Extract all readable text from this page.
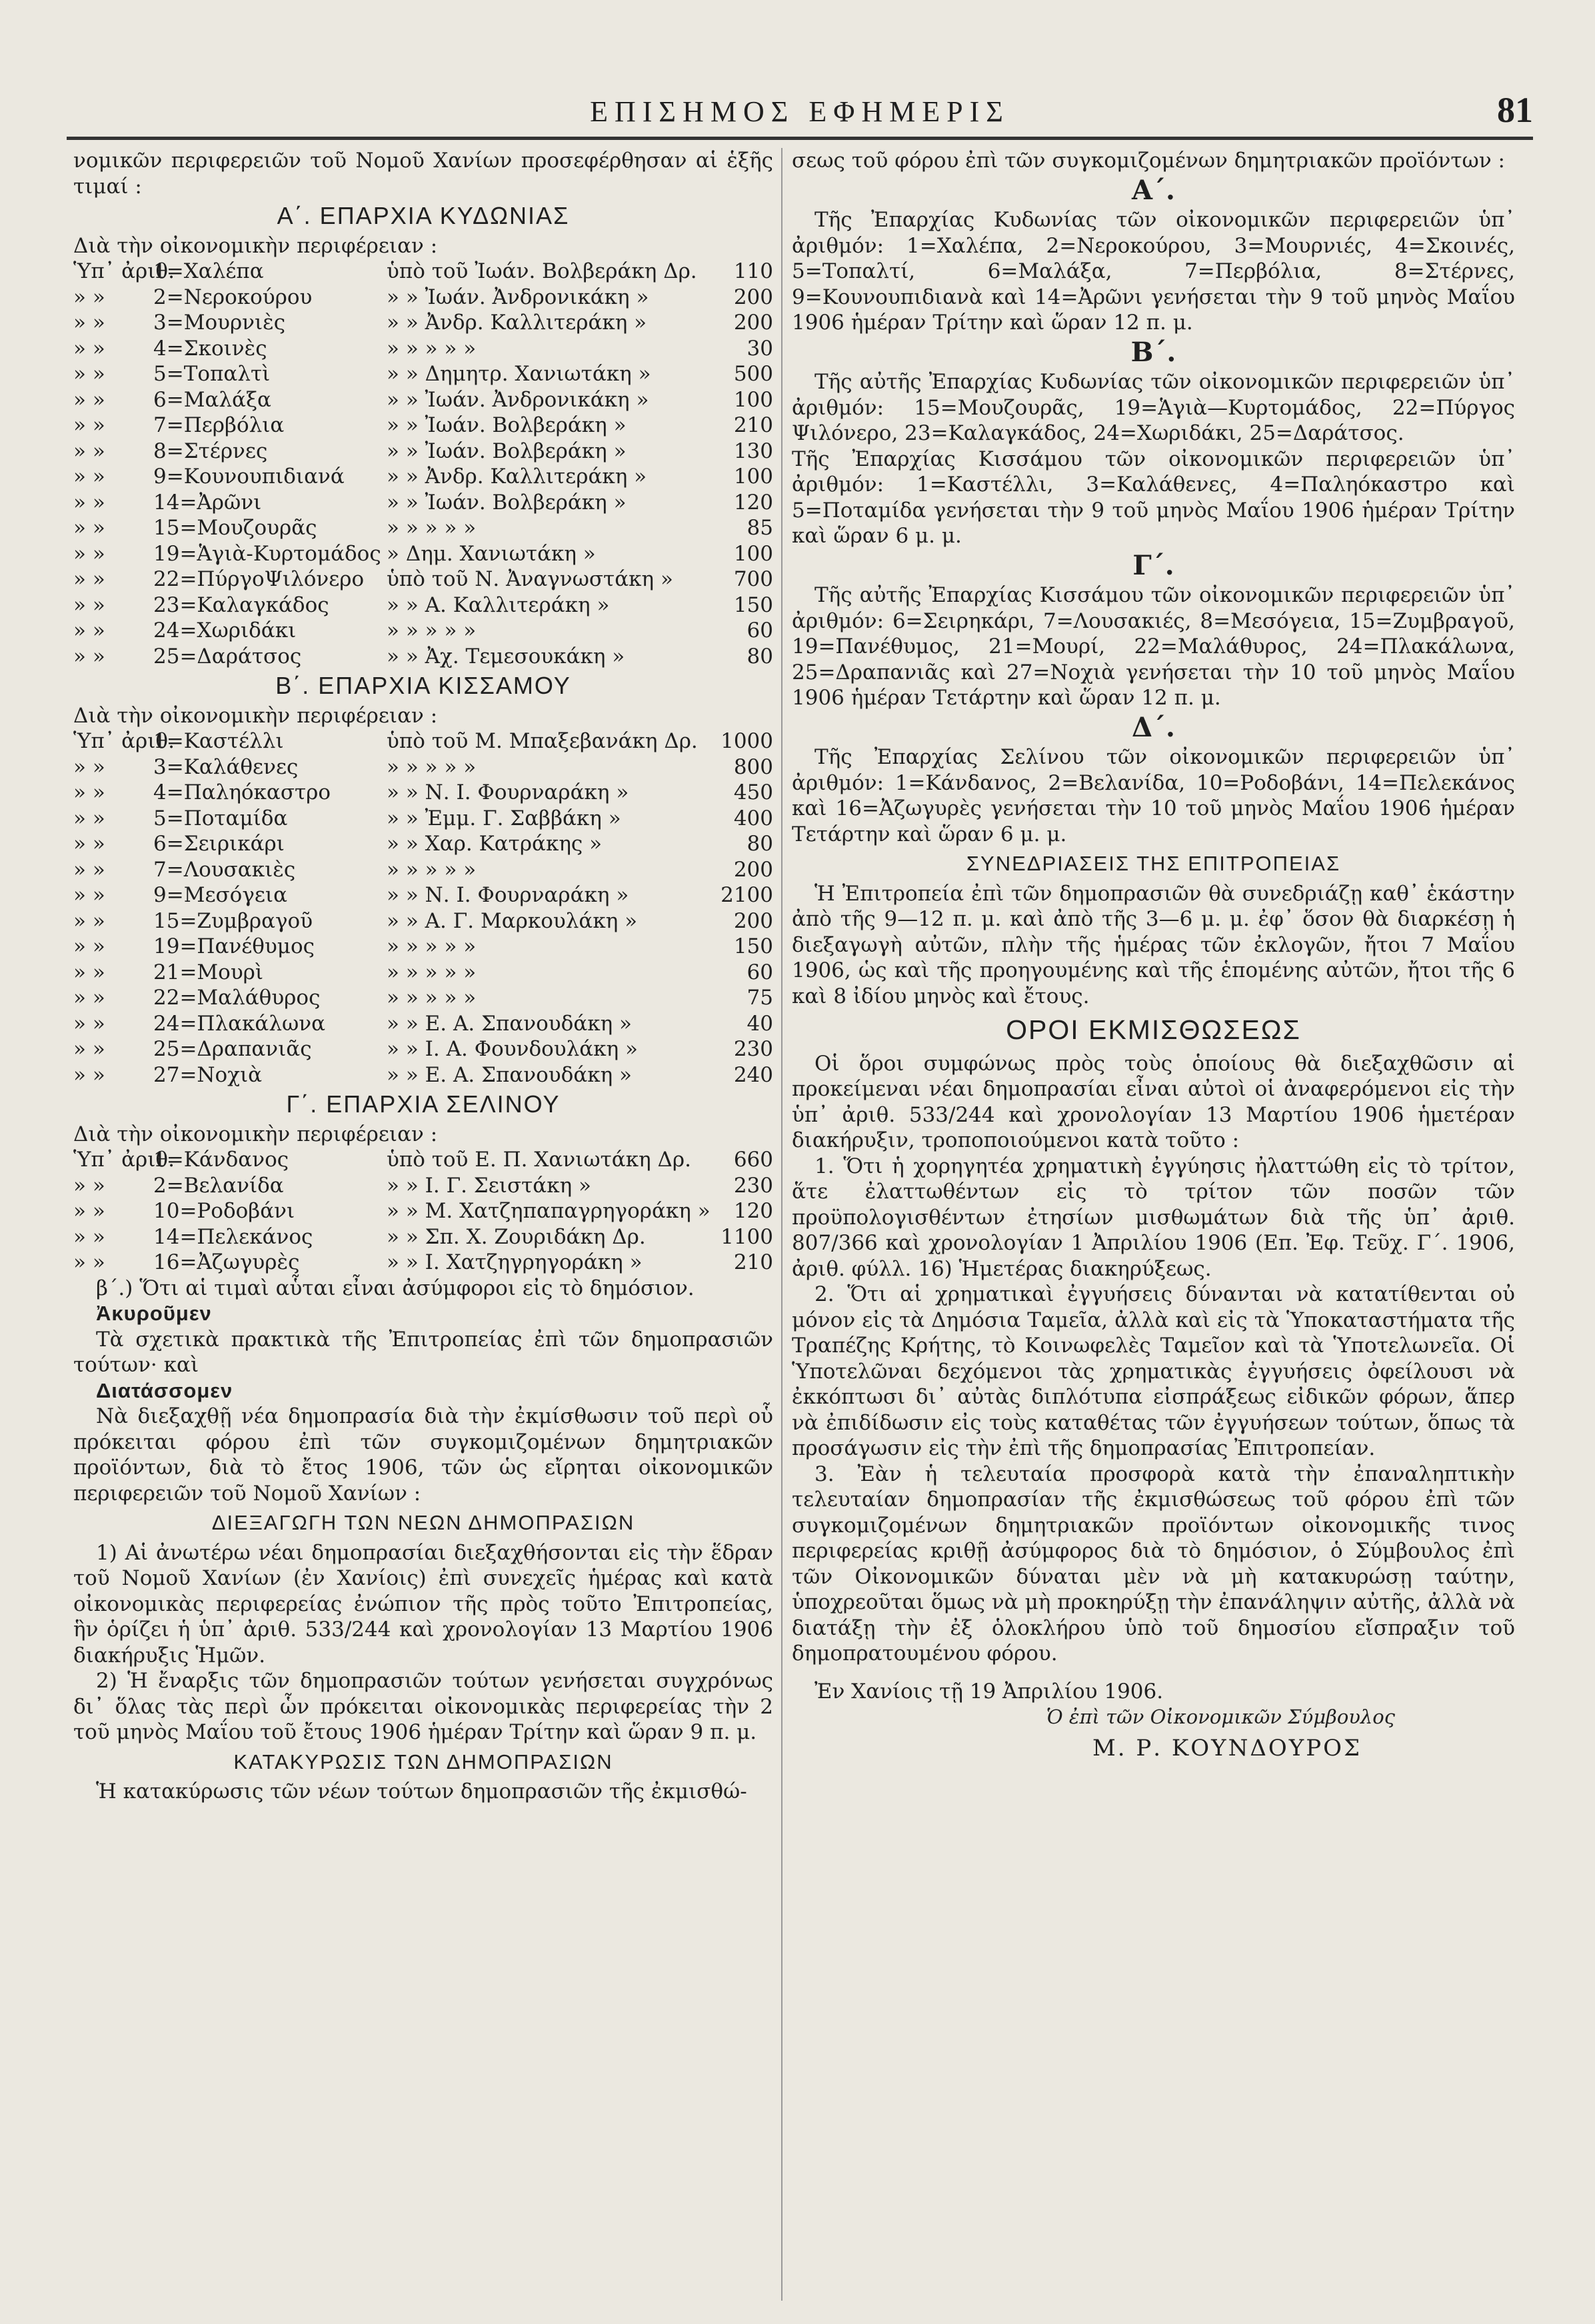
ΕΠΙΣΗΜΟΣ ΕΦΗΜΕΡΙΣ	81

νομικῶν περιφερειῶν τοῦ Νομοῦ Χανίων προσεφέρθησαν αἱ ἑξῆς τιμαί :

Α΄. ΕΠΑΡΧΙΑ ΚΥΔΩΝΙΑΣ

Διὰ τὴν οἰκονομικὴν περιφέρειαν :

Ὑπ᾽ ἀριθ.
1=Χαλέπα	ὑπὸ τοῦ Ἰωάν. Βολβεράκη Δρ.	110
» »	2=Νεροκούρου	» » Ἰωάν. Ἀνδρονικάκη »	200
» »	3=Μουρνιὲς	» » Ἀνδρ. Καλλιτεράκη »	200
» »	4=Σκοινὲς	» » » » »	30
» »	5=Τοπαλτὶ	» » Δημητρ. Χανιωτάκη »	500
» »	6=Μαλάξα	» » Ἰωάν. Ἀνδρονικάκη »	100
» »	7=Περβόλια	» » Ἰωάν. Βολβεράκη »	210
» »	8=Στέρνες	» » Ἰωάν. Βολβεράκη »	130
» »	9=Κουνουπιδιανά	» » Ἀνδρ. Καλλιτεράκη »	100
» »	14=Ἀρῶνι	» » Ἰωάν. Βολβεράκη »	120
» »	15=Μουζουρᾶς	» » » » »	85
» »	19=Ἁγιὰ-Κυρτομάδος » Δημ. Χανιωτάκη »	100
» »	22=ΠύργοΨιλόνερο	ὑπὸ τοῦ Ν. Ἀναγνωστάκη »	700
» »	23=Καλαγκάδος	» » Α. Καλλιτεράκη »	150
» »	24=Χωριδάκι	» » » » »	60
» »	25=Δαράτσος	» » Ἀχ. Τεμεσουκάκη »	80
Β΄. ΕΠΑΡΧΙΑ ΚΙΣΣΑΜΟΥ

Διὰ τὴν οἰκονομικὴν περιφέρειαν :

Ὑπ᾽ ἀριθ.
1=Καστέλλι	ὑπὸ τοῦ Μ. Μπαξεβανάκη Δρ.	1000
» »	3=Καλάθενες	» » » » »	800
» »	4=Παληόκαστρο	» » Ν. Ι. Φουρναράκη »	450
» »	5=Ποταμίδα	» » Ἐμμ. Γ. Σαββάκη »	400
» »	6=Σειρικάρι	» » Χαρ. Κατράκης »	80
» »	7=Λουσακιὲς	» » » » »	200
» »	9=Μεσόγεια	» » Ν. Ι. Φουρναράκη »	2100
» »	15=Ζυμβραγοῦ	» » Α. Γ. Μαρκουλάκη »	200
» »	19=Πανέθυμος	» » » » »	150
» »	21=Μουρὶ	» » » » »	60
» »	22=Μαλάθυρος	» » » » »	75
» »	24=Πλακάλωνα	» » Ε. Α. Σπανουδάκη »	40
» »	25=Δραπανιᾶς	» » Ι. Α. Φουνδουλάκη »	230
» »	27=Νοχιὰ	» » Ε. Α. Σπανουδάκη »	240
Γ΄. ΕΠΑΡΧΙΑ ΣΕΛΙΝΟΥ

Διὰ τὴν οἰκονομικὴν περιφέρειαν :

Ὑπ᾽ ἀριθ.
1=Κάνδανος	ὑπὸ τοῦ Ε. Π. Χανιωτάκη Δρ.	660
» »	2=Βελανίδα	» » Ι. Γ. Σειστάκη »	230
» »	10=Ροδοβάνι	» » Μ. Χατζηπαπαγρηγοράκη »	120
» »	14=Πελεκάνος	» » Σπ. Χ. Ζουριδάκη Δρ.	1100
» »	16=Ἀζωγυρὲς	» » Ι. Χατζηγρηγοράκη »	210

β΄.) Ὅτι αἱ τιμαὶ αὗται εἶναι ἀσύμφοροι εἰς τὸ δημόσιον.

Ἀκυροῦμεν

Τὰ σχετικὰ πρακτικὰ τῆς Ἐπιτροπείας ἐπὶ τῶν δημοπρασιῶν τούτων· καὶ

Διατάσσομεν

Νὰ διεξαχθῇ νέα δημοπρασία διὰ τὴν ἐκμίσθωσιν τοῦ περὶ οὗ πρόκειται φόρου ἐπὶ τῶν συγκομιζομένων δημητριακῶν προϊόντων, διὰ τὸ ἔτος 1906, τῶν ὡς εἴρηται οἰκονομικῶν περιφερειῶν τοῦ Νομοῦ Χανίων :

ΔΙΕΞΑΓΩΓΗ ΤΩΝ ΝΕΩΝ ΔΗΜΟΠΡΑΣΙΩΝ

1) Αἱ ἀνωτέρω νέαι δημοπρασίαι διεξαχθήσονται εἰς τὴν ἕδραν τοῦ Νομοῦ Χανίων (ἐν Χανίοις) ἐπὶ συνεχεῖς ἡμέρας καὶ κατὰ οἰκονομικὰς περιφερείας ἐνώπιον τῆς πρὸς τοῦτο Ἐπιτροπείας, ἣν ὁρίζει ἡ ὑπ᾽ ἀριθ. 533/244 καὶ χρονολογίαν 13 Μαρτίου 1906 διακήρυξις Ἡμῶν.

2) Ἡ ἔναρξις τῶν δημοπρασιῶν τούτων γενήσεται συγχρόνως δι᾽ ὅλας τὰς περὶ ὧν πρόκειται οἰκονομικὰς περιφερείας τὴν 2 τοῦ μηνὸς Μαΐου τοῦ ἔτους 1906 ἡμέραν Τρίτην καὶ ὥραν 9 π. μ.

ΚΑΤΑΚΥΡΩΣΙΣ ΤΩΝ ΔΗΜΟΠΡΑΣΙΩΝ

Ἡ κατακύρωσις τῶν νέων τούτων δημοπρασιῶν τῆς ἐκμισθώ-

σεως τοῦ φόρου ἐπὶ τῶν συγκομιζομένων δημητριακῶν προϊόντων :

Α΄.

Τῆς Ἐπαρχίας Κυδωνίας τῶν οἰκονομικῶν περιφερειῶν ὑπ᾽ ἀριθμόν: 1=Χαλέπα, 2=Νεροκούρου, 3=Μουρνιές, 4=Σκοινές, 5=Τοπαλτί, 6=Μαλάξα, 7=Περβόλια, 8=Στέρνες, 9=Κουνουπιδιανὰ καὶ 14=Ἀρῶνι γενήσεται τὴν 9 τοῦ μηνὸς Μαΐου 1906 ἡμέραν Τρίτην καὶ ὥραν 12 π. μ.

Β΄.

Τῆς αὐτῆς Ἐπαρχίας Κυδωνίας τῶν οἰκονομικῶν περιφερειῶν ὑπ᾽ ἀριθμόν: 15=Μουζουρᾶς, 19=Ἁγιὰ—Κυρτομάδος, 22=Πύργος Ψιλόνερο, 23=Καλαγκάδος, 24=Χωριδάκι, 25=Δαράτσος.
Τῆς Ἐπαρχίας Κισσάμου τῶν οἰκονομικῶν περιφερειῶν ὑπ᾽ ἀριθμόν: 1=Καστέλλι, 3=Καλάθενες, 4=Παληόκαστρο καὶ 5=Ποταμίδα γενήσεται τὴν 9 τοῦ μηνὸς Μαΐου 1906 ἡμέραν Τρίτην καὶ ὥραν 6 μ. μ.

Γ΄.

Τῆς αὐτῆς Ἐπαρχίας Κισσάμου τῶν οἰκονομικῶν περιφερειῶν ὑπ᾽ ἀριθμόν: 6=Σειρηκάρι, 7=Λουσακιές, 8=Μεσόγεια, 15=Ζυμβραγοῦ, 19=Πανέθυμος, 21=Μουρί, 22=Μαλάθυρος, 24=Πλακάλωνα, 25=Δραπανιᾶς καὶ 27=Νοχιὰ γενήσεται τὴν 10 τοῦ μηνὸς Μαΐου 1906 ἡμέραν Τετάρτην καὶ ὥραν 12 π. μ.

Δ΄.

Τῆς Ἐπαρχίας Σελίνου τῶν οἰκονομικῶν περιφερειῶν ὑπ᾽ ἀριθμόν: 1=Κάνδανος, 2=Βελανίδα, 10=Ροδοβάνι, 14=Πελεκάνος καὶ 16=Ἀζωγυρὲς γενήσεται τὴν 10 τοῦ μηνὸς Μαΐου 1906 ἡμέραν Τετάρτην καὶ ὥραν 6 μ. μ.

ΣΥΝΕΔΡΙΑΣΕΙΣ ΤΗΣ ΕΠΙΤΡΟΠΕΙΑΣ

Ἡ Ἐπιτροπεία ἐπὶ τῶν δημοπρασιῶν θὰ συνεδριάζῃ καθ᾽ ἑκάστην ἀπὸ τῆς 9—12 π. μ. καὶ ἀπὸ τῆς 3—6 μ. μ. ἐφ᾽ ὅσον θὰ διαρκέσῃ ἡ διεξαγωγὴ αὐτῶν, πλὴν τῆς ἡμέρας τῶν ἐκλογῶν, ἤτοι 7 Μαΐου 1906, ὡς καὶ τῆς προηγουμένης καὶ τῆς ἑπομένης αὐτῶν, ἤτοι τῆς 6 καὶ 8 ἰδίου μηνὸς καὶ ἔτους.

ΟΡΟΙ ΕΚΜΙΣΘΩΣΕΩΣ

Οἱ ὅροι συμφώνως πρὸς τοὺς ὁποίους θὰ διεξαχθῶσιν αἱ προκείμεναι νέαι δημοπρασίαι εἶναι αὐτοὶ οἱ ἀναφερόμενοι εἰς τὴν ὑπ᾽ ἀριθ. 533/244 καὶ χρονολογίαν 13 Μαρτίου 1906 ἡμετέραν διακήρυξιν, τροποποιούμενοι κατὰ τοῦτο :

1. Ὅτι ἡ χορηγητέα χρηματικὴ ἐγγύησις ἠλαττώθη εἰς τὸ τρίτον, ἅτε ἐλαττωθέντων εἰς τὸ τρίτον τῶν ποσῶν τῶν προϋπολογισθέντων ἐτησίων μισθωμάτων διὰ τῆς ὑπ᾽ ἀριθ. 807/366 καὶ χρονολογίαν 1 Ἀπριλίου 1906 (Επ. Ἐφ. Τεῦχ. Γ΄. 1906, ἀριθ. φύλλ. 16) Ἡμετέρας διακηρύξεως.

2. Ὅτι αἱ χρηματικαὶ ἐγγυήσεις δύνανται νὰ κατατίθενται οὐ μόνον εἰς τὰ Δημόσια Ταμεῖα, ἀλλὰ καὶ εἰς τὰ Ὑποκαταστήματα τῆς Τραπέζης Κρήτης, τὸ Κοινωφελὲς Ταμεῖον καὶ τὰ Ὑποτελωνεῖα. Οἱ Ὑποτελῶναι δεχόμενοι τὰς χρηματικὰς ἐγγυήσεις ὀφείλουσι νὰ ἐκκόπτωσι δι᾽ αὐτὰς διπλότυπα εἰσπράξεως εἰδικῶν φόρων, ἅπερ νὰ ἐπιδίδωσιν εἰς τοὺς καταθέτας τῶν ἐγγυήσεων τούτων, ὅπως τὰ προσάγωσιν εἰς τὴν ἐπὶ τῆς δημοπρασίας Ἐπιτροπείαν.

3. Ἐὰν ἡ τελευταία προσφορὰ κατὰ τὴν ἐπαναληπτικὴν τελευταίαν δημοπρασίαν τῆς ἐκμισθώσεως τοῦ φόρου ἐπὶ τῶν συγκομιζομένων δημητριακῶν προϊόντων οἰκονομικῆς τινος περιφερείας κριθῇ ἀσύμφορος διὰ τὸ δημόσιον, ὁ Σύμβουλος ἐπὶ τῶν Οἰκονομικῶν δύναται μὲν νὰ μὴ κατακυρώσῃ ταύτην, ὑποχρεοῦται ὅμως νὰ μὴ προκηρύξῃ τὴν ἐπανάληψιν αὐτῆς, ἀλλὰ νὰ διατάξῃ τὴν ἐξ ὁλοκλήρου ὑπὸ τοῦ δημοσίου εἴσπραξιν τοῦ δημοπρατουμένου φόρου.

Ἐν Χανίοις τῇ 19 Ἀπριλίου 1906.

Ὁ ἐπὶ τῶν Οἰκονομικῶν Σύμβουλος
Μ. Ρ. ΚΟΥΝΔΟΥΡΟΣ
